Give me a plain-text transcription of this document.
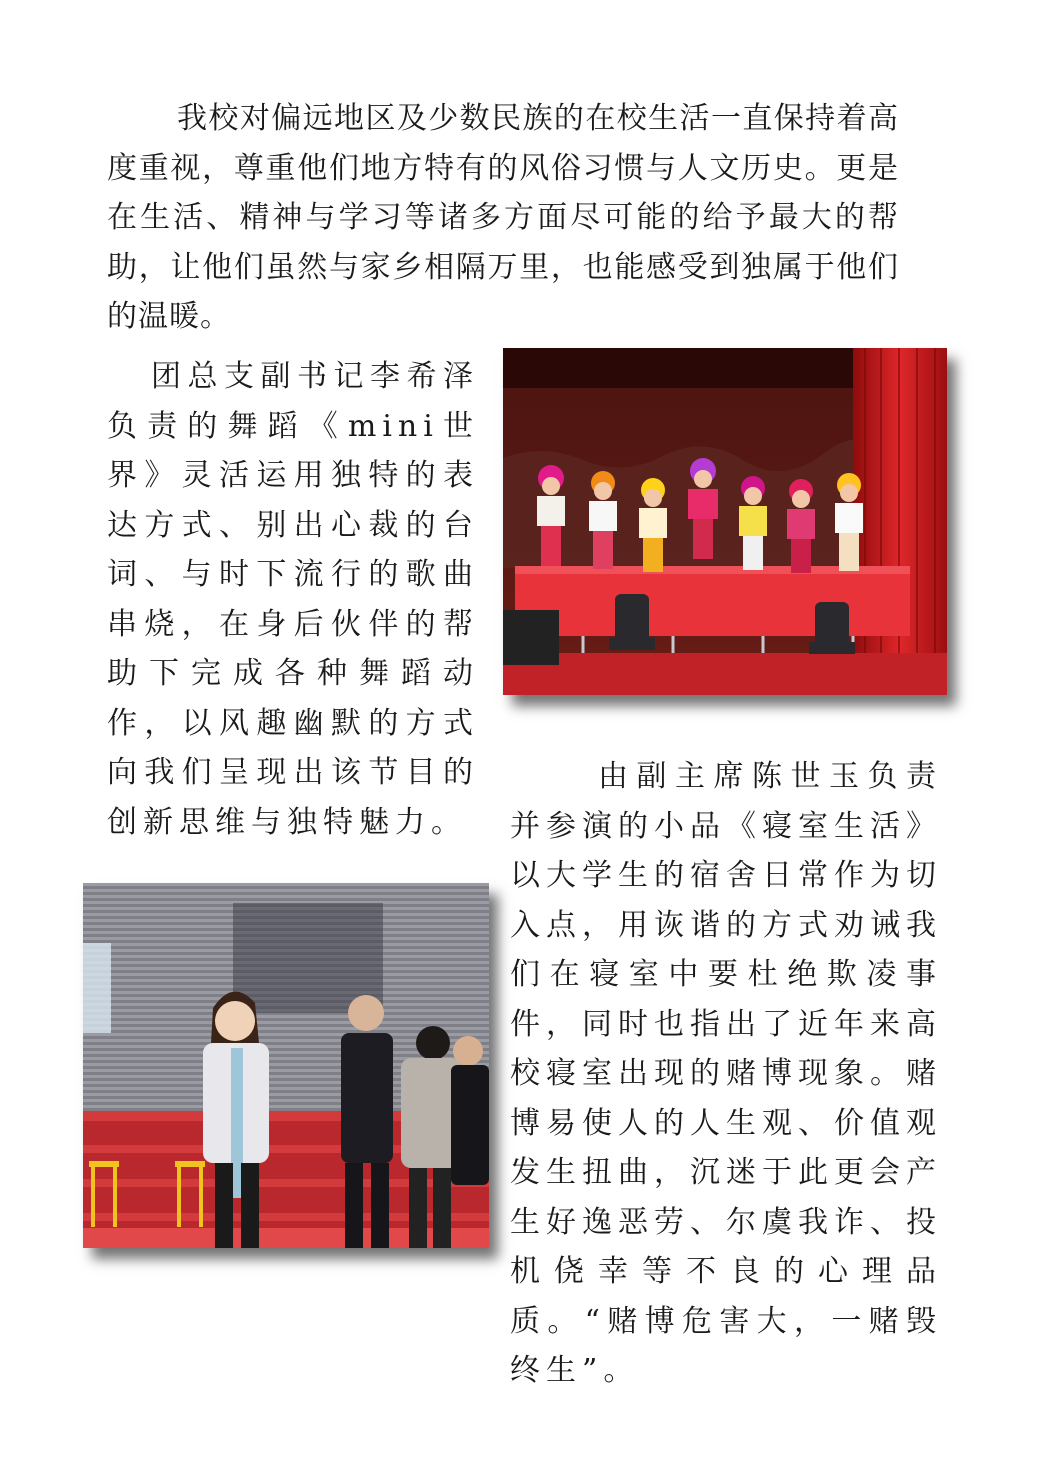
我校对偏远地区及少数民族的在校生活一直保持着高度重视，尊重他们地方特有的风俗习惯与人文历史。更是在生活、精神与学习等诸多方面尽可能的给予最大的帮助，让他们虽然与家乡相隔万里，也能感受到独属于他们的温暖。

团总支副书记李希泽负责的舞蹈《mini世界》灵活运用独特的表达方式、别出心裁的台词、与时下流行的歌曲串烧，在身后伙伴的帮助下完成各种舞蹈动作，以风趣幽默的方式向我们呈现出该节目的创新思维与独特魅力。

由副主席陈世玉负责并参演的小品《寝室生活》以大学生的宿舍日常作为切入点，用诙谐的方式劝诫我们在寝室中要杜绝欺凌事件，同时也指出了近年来高校寝室出现的赌博现象。赌博易使人的人生观、价值观发生扭曲，沉迷于此更会产生好逸恶劳、尔虞我诈、投机侥幸等不良的心理品质。“赌博危害大，一赌毁终生”。
